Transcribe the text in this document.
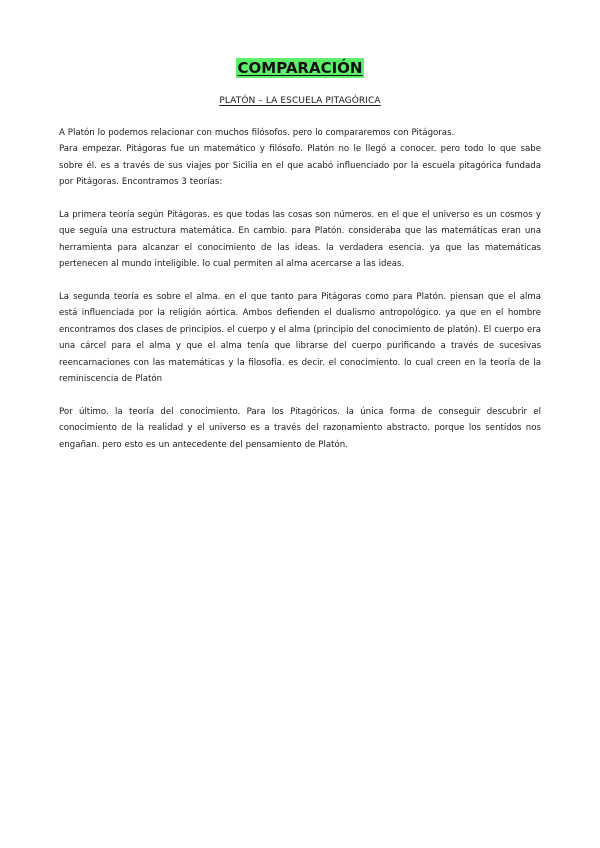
COMPARACIÓN
PLATÓN – LA ESCUELA PITAGÓRICA

A Platón lo podemos relacionar con muchos filósofos. pero lo compararemos con Pitágoras.

Para empezar. Pitágoras fue un matemático y filósofo. Platón no le llegó a conocer. pero todo lo que sabe sobre él. es a través de sus viajes por Sicilia en el que acabó influenciado por la escuela pitagórica fundada por Pitágoras. Encontramos 3 teorías:

La primera teoría según Pitágoras. es que todas las cosas son números. en el que el universo es un cosmos y que seguía una estructura matemática. En cambio. para Platón. consideraba que las matemáticas eran una herramienta para alcanzar el conocimiento de las ideas. la verdadera esencia. ya que las matemáticas pertenecen al mundo inteligible. lo cual permiten al alma acercarse a las ideas.

La segunda teoría es sobre el alma. en el que tanto para Pitágoras como para Platón. piensan que el alma está influenciada por la religión aórtica. Ambos defienden el dualismo antropológico. ya que en el hombre encontramos dos clases de principios. el cuerpo y el alma (principio del conocimiento de platón). El cuerpo era una cárcel para el alma y que el alma tenía que librarse del cuerpo purificando a través de sucesivas reencarnaciones con las matemáticas y la filosofía. es decir. el conocimiento. lo cual creen en la teoría de la reminiscencia de Platón

Por último. la teoría del conocimiento. Para los Pitagóricos. la única forma de conseguir descubrir el conocimiento de la realidad y el universo es a través del razonamiento abstracto. porque los sentidos nos engañan. pero esto es un antecedente del pensamiento de Platón.
